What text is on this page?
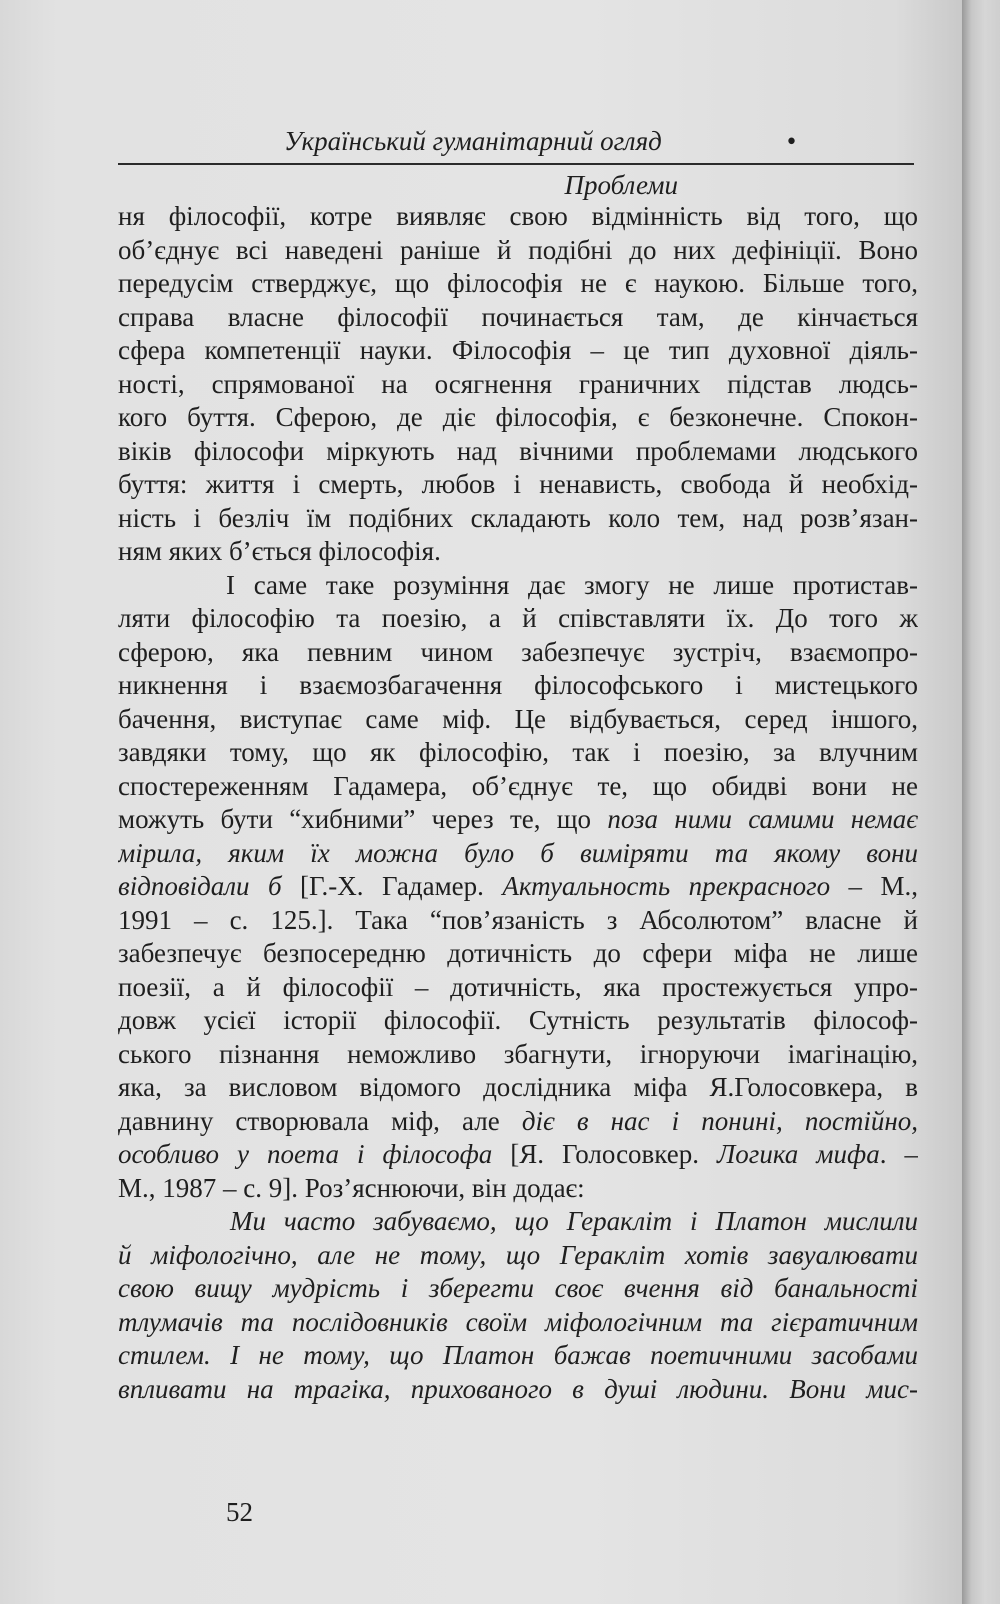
Український гуманітарний огляд	• Проблеми
ня філософії, котре виявляє свою відмінність від того, що
об’єднує всі наведені раніше й подібні до них дефініції. Воно
передусім стверджує, що філософія не є наукою. Більше того,
справа власне філософії починається там, де кінчається
сфера компетенції науки. Філософія – це тип духовної діяль-
ності, спрямованої на осягнення граничних підстав людсь-
кого буття. Сферою, де діє філософія, є безконечне. Спокон-
віків філософи міркують над вічними проблемами людського
буття: життя і смерть, любов і ненависть, свобода й необхід-
ність і безліч їм подібних складають коло тем, над розв’язан-
ням яких б’ється філософія.
І саме таке розуміння дає змогу не лише протистав-
ляти філософію та поезію, а й співставляти їх. До того ж
сферою, яка певним чином забезпечує зустріч, взаємопро-
никнення і взаємозбагачення філософського і мистецького
бачення, виступає саме міф. Це відбувається, серед іншого,
завдяки тому, що як філософію, так і поезію, за влучним
спостереженням Гадамера, об’єднує те, що обидві вони не
можуть бути “хибними” через те, що поза ними самими немає
мірила, яким їх можна було б виміряти та якому вони
відповідали б [Г.-Х. Гадамер. Актуальность прекрасного – М.,
1991 – с. 125.]. Така “пов’язаність з Абсолютом” власне й
забезпечує безпосередню дотичність до сфери міфа не лише
поезії, а й філософії – дотичність, яка простежується упро-
довж усієї історії філософії. Сутність результатів філософ-
ського пізнання неможливо збагнути, ігноруючи імагінацію,
яка, за висловом відомого дослідника міфа Я.Голосовкера, в
давнину створювала міф, але діє в нас і понині, постійно,
особливо у поета і філософа [Я. Голосовкер. Логика мифа. –
М., 1987 – с. 9]. Роз’яснюючи, він додає:
Ми часто забуваємо, що Геракліт і Платон мислили
й міфологічно, але не тому, що Геракліт хотів завуалювати
свою вищу мудрість і зберегти своє вчення від банальності
тлумачів та послідовників своїм міфологічним та гієратичним
стилем. І не тому, що Платон бажав поетичними засобами
впливати на трагіка, прихованого в душі людини. Вони мис-
52
